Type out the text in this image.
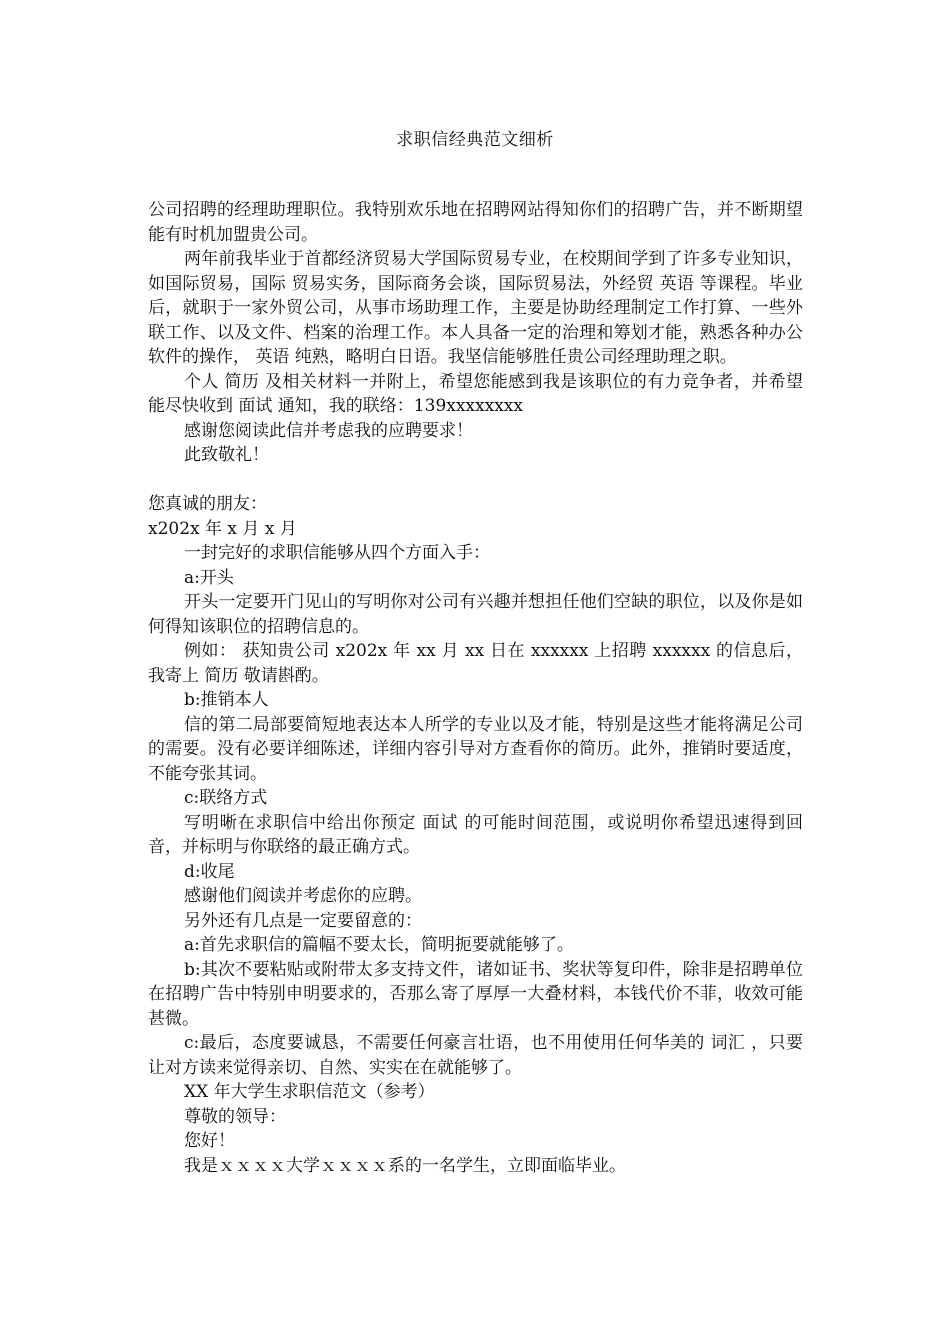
求职信经典范文细析

公司招聘的经理助理职位。我特别欢乐地在招聘网站得知你们的招聘广告，并不断期望能有时机加盟贵公司。

两年前我毕业于首都经济贸易大学国际贸易专业，在校期间学到了许多专业知识，如国际贸易，国际 贸易实务，国际商务会谈，国际贸易法，外经贸 英语 等课程。毕业后，就职于一家外贸公司，从事市场助理工作，主要是协助经理制定工作打算、一些外联工作、以及文件、档案的治理工作。本人具备一定的治理和筹划才能，熟悉各种办公软件的操作， 英语 纯熟，略明白日语。我坚信能够胜任贵公司经理助理之职。

个人 简历 及相关材料一并附上，希望您能感到我是该职位的有力竞争者，并希望能尽快收到 面试 通知，我的联络：139xxxxxxxx

感谢您阅读此信并考虑我的应聘要求！

此致敬礼！

您真诚的朋友：

x202x 年 x 月 x 月

一封完好的求职信能够从四个方面入手：

a:开头

开头一定要开门见山的写明你对公司有兴趣并想担任他们空缺的职位，以及你是如何得知该职位的招聘信息的。

例如： 获知贵公司 x202x 年 xx 月 xx 日在 xxxxxx 上招聘 xxxxxx 的信息后，我寄上 简历 敬请斟酌。

b:推销本人

信的第二局部要简短地表达本人所学的专业以及才能，特别是这些才能将满足公司的需要。没有必要详细陈述，详细内容引导对方查看你的简历。此外，推销时要适度，不能夸张其词。

c:联络方式

写明晰在求职信中给出你预定 面试 的可能时间范围，或说明你希望迅速得到回音，并标明与你联络的最正确方式。

d:收尾

感谢他们阅读并考虑你的应聘。

另外还有几点是一定要留意的：

a:首先求职信的篇幅不要太长，简明扼要就能够了。

b:其次不要粘贴或附带太多支持文件，诸如证书、奖状等复印件，除非是招聘单位在招聘广告中特别申明要求的，否那么寄了厚厚一大叠材料，本钱代价不菲，收效可能甚微。

c:最后，态度要诚恳，不需要任何豪言壮语，也不用使用任何华美的 词汇 ，只要让对方读来觉得亲切、自然、实实在在就能够了。

XX 年大学生求职信范文（参考）

尊敬的领导：

您好！

我是ｘｘｘｘ大学ｘｘｘｘ系的一名学生，立即面临毕业。
